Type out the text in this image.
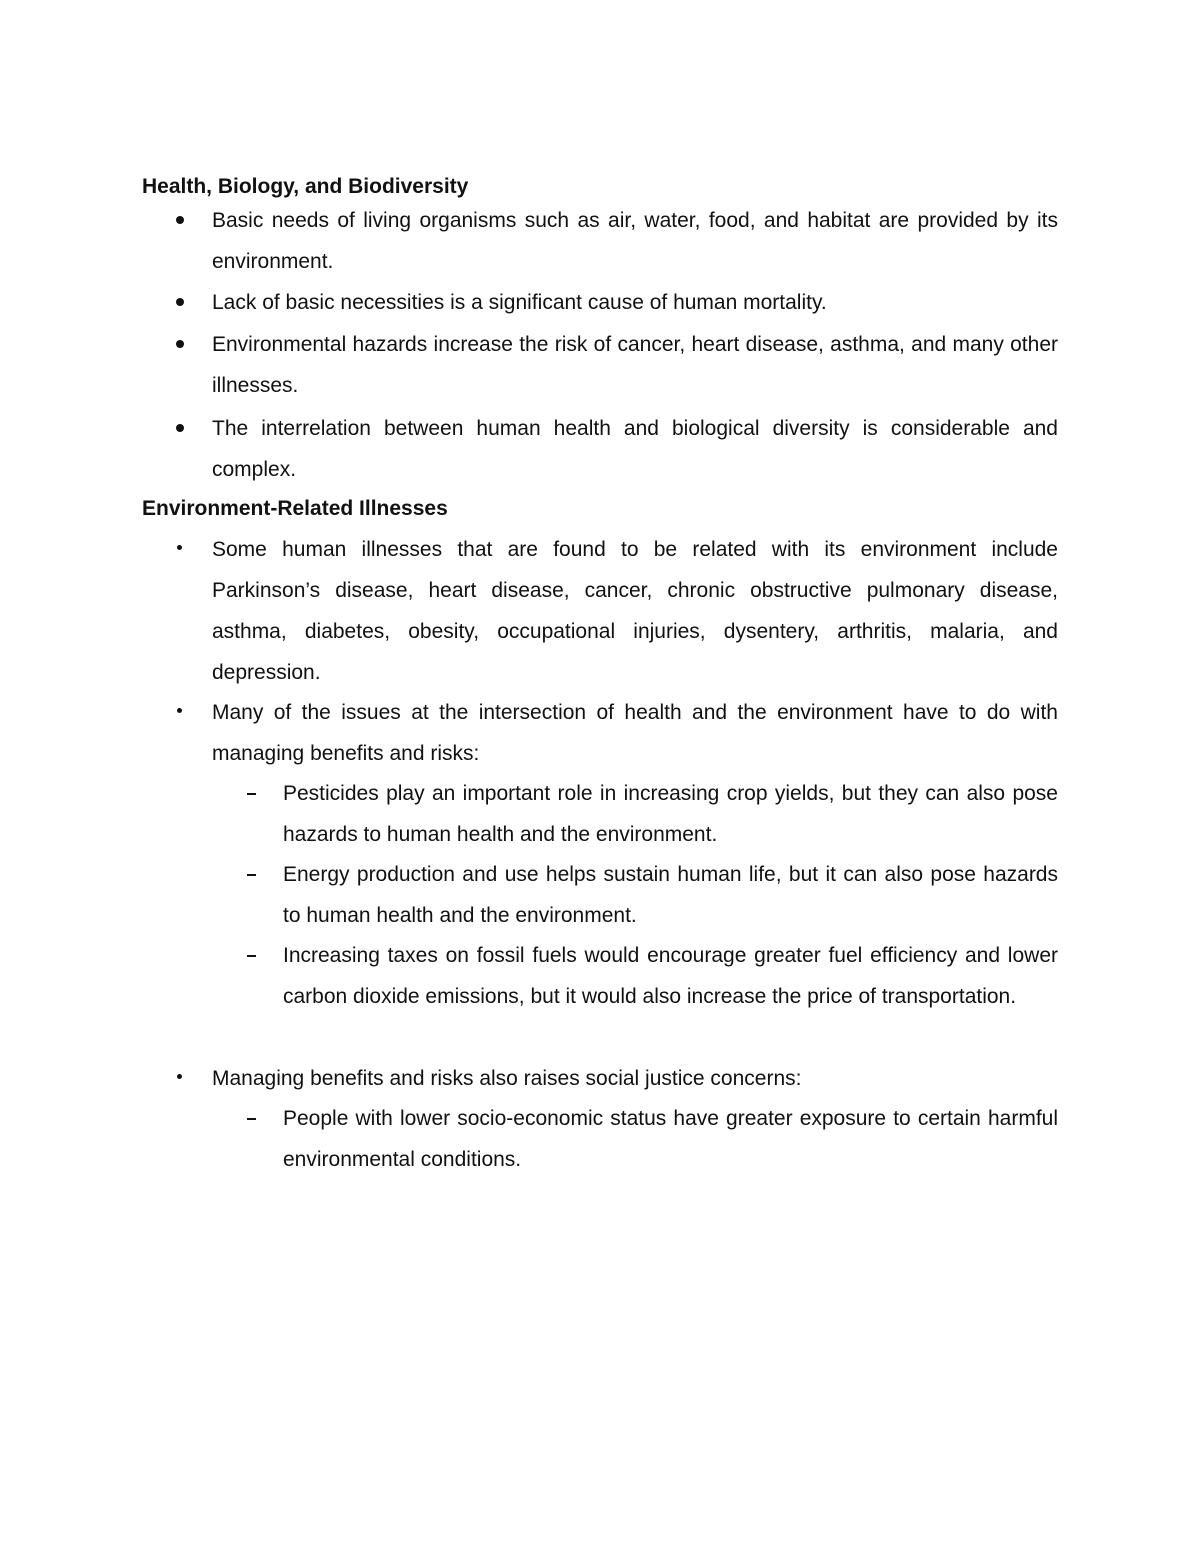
Health, Biology, and Biodiversity

Basic needs of living organisms such as air, water, food, and habitat are provided by its environment.

Lack of basic necessities is a significant cause of human mortality.

Environmental hazards increase the risk of cancer, heart disease, asthma, and many other illnesses.

The interrelation between human health and biological diversity is considerable and complex.

Environment-Related Illnesses

Some human illnesses that are found to be related with its environment include Parkinson’s disease, heart disease, cancer, chronic obstructive pulmonary disease, asthma, diabetes, obesity, occupational injuries, dysentery, arthritis, malaria, and depression.

Many of the issues at the intersection of health and the environment have to do with managing benefits and risks:

Pesticides play an important role in increasing crop yields, but they can also pose hazards to human health and the environment.

Energy production and use helps sustain human life, but it can also pose hazards to human health and the environment.

Increasing taxes on fossil fuels would encourage greater fuel efficiency and lower carbon dioxide emissions, but it would also increase the price of transportation.

Managing benefits and risks also raises social justice concerns:

People with lower socio-economic status have greater exposure to certain harmful environmental conditions.
